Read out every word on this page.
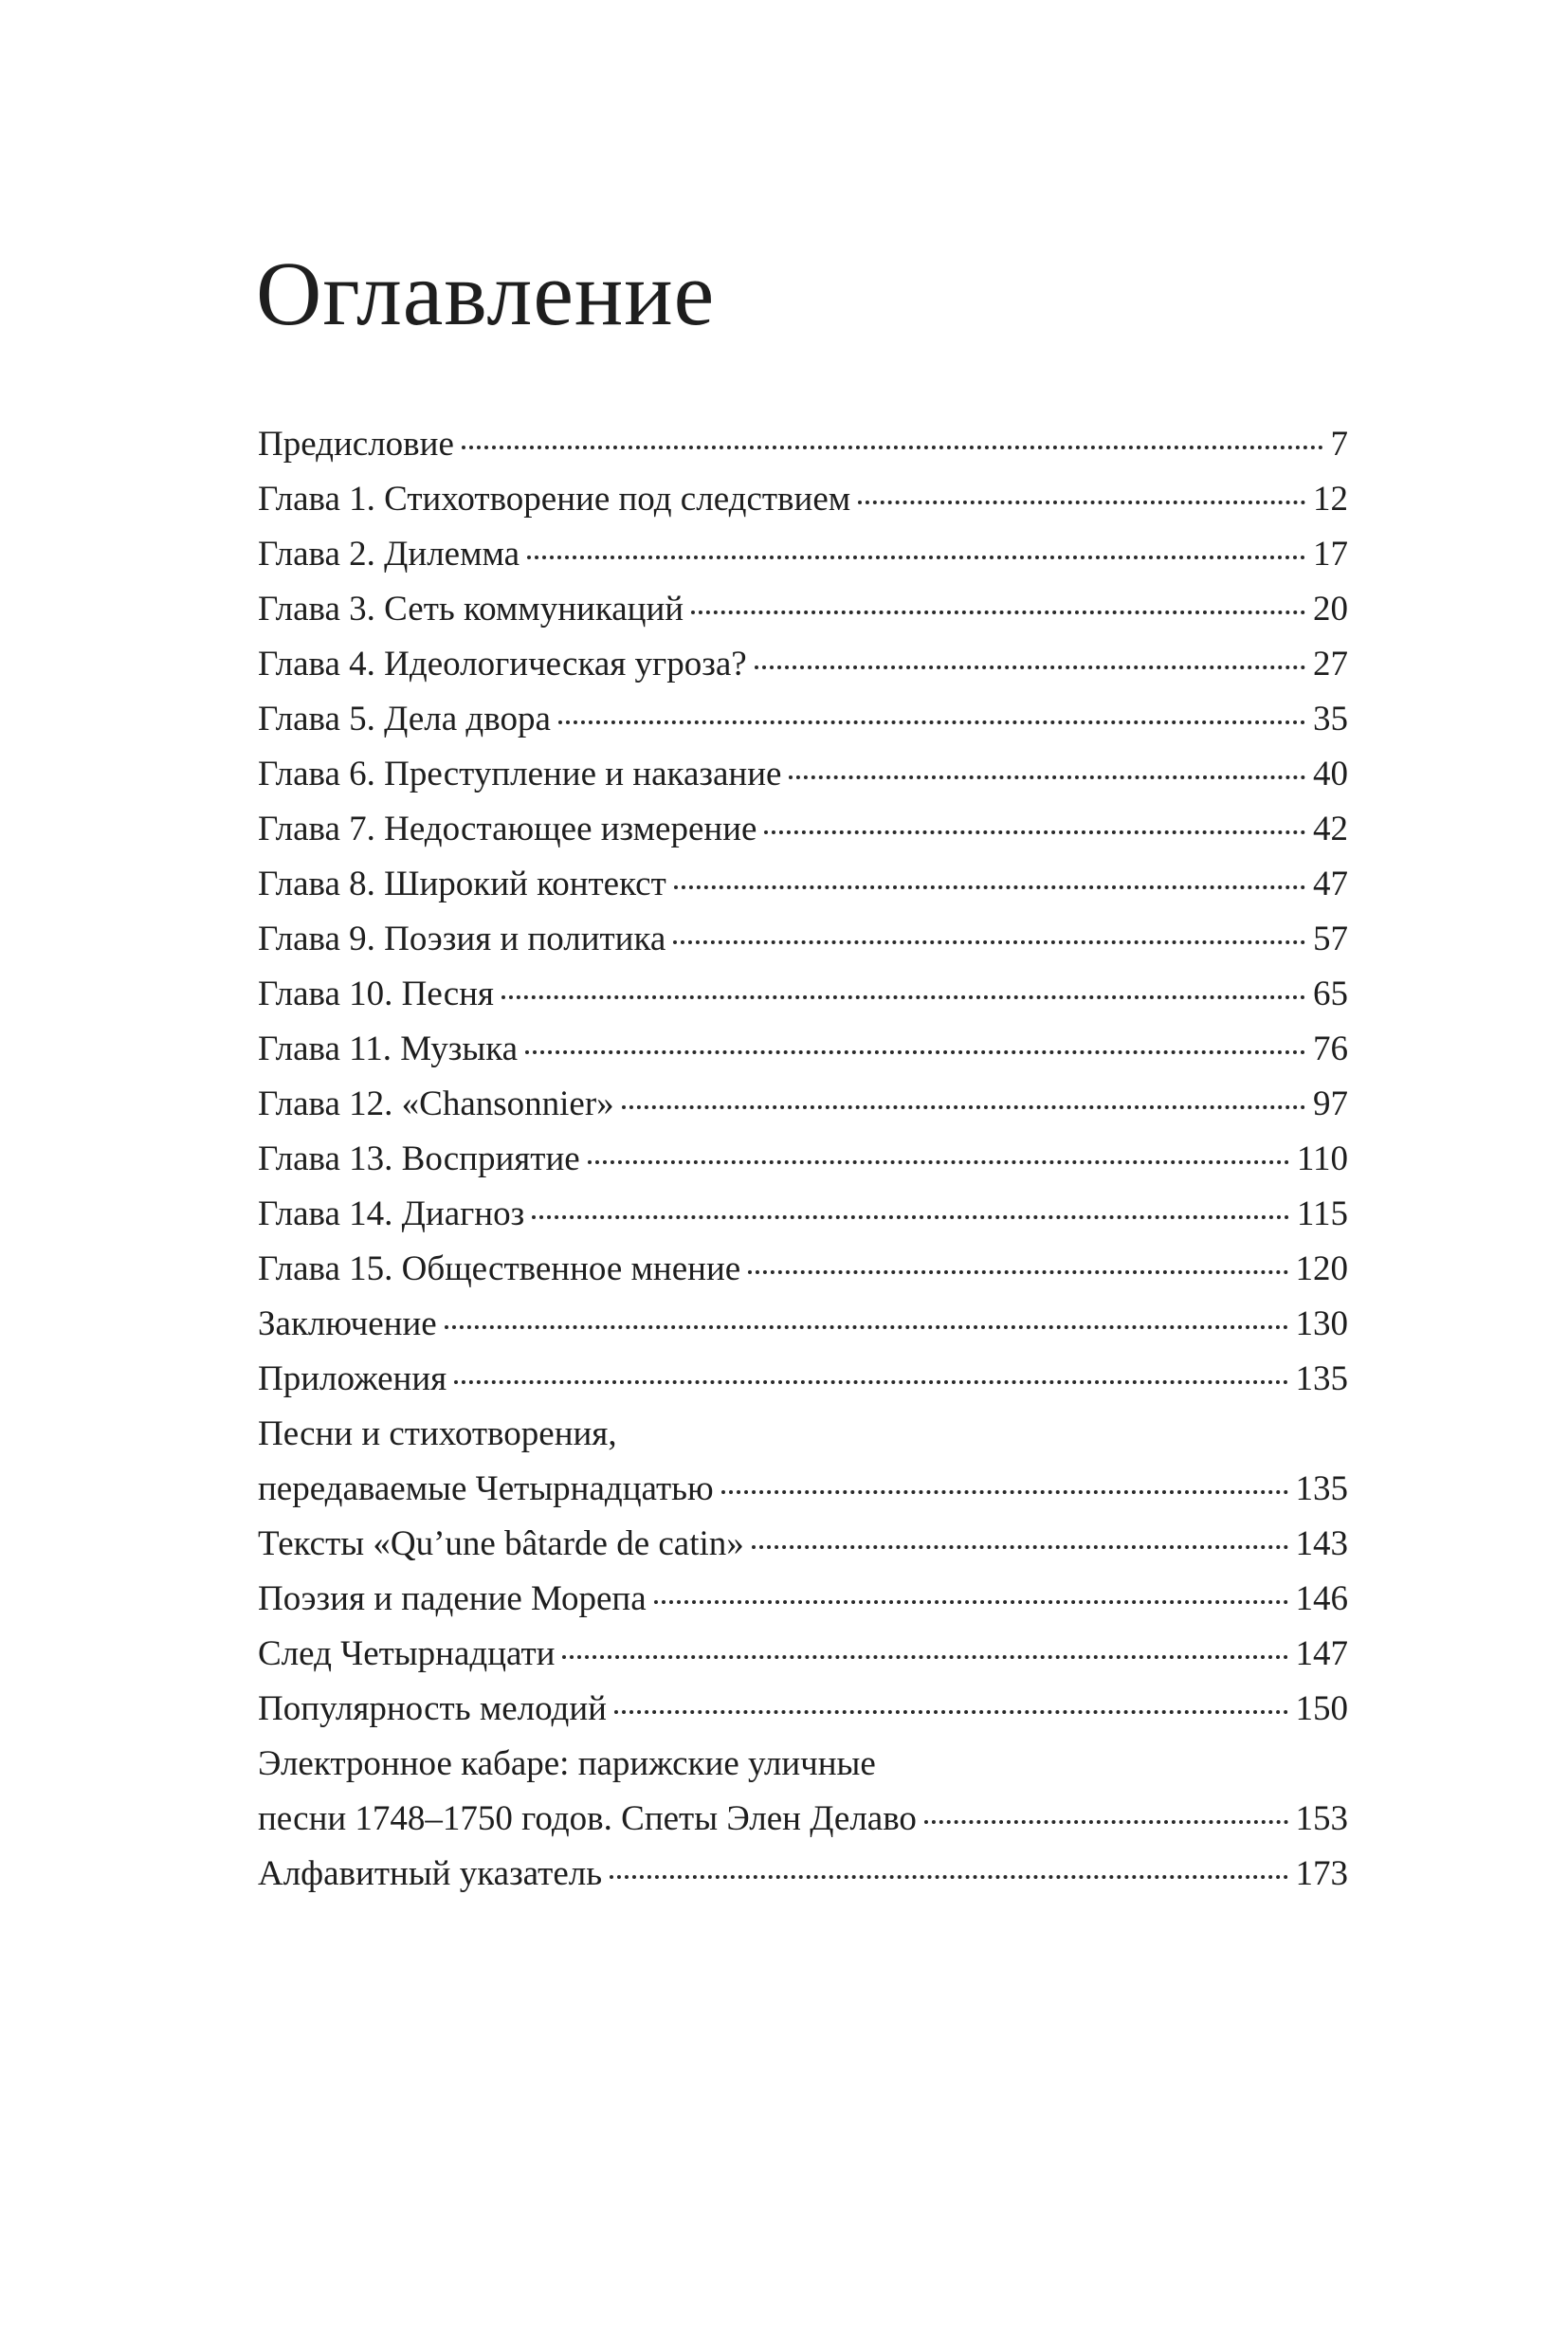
Оглавление
Предисловие	7
Глава 1. Стихотворение под следствием	12
Глава 2. Дилемма	17
Глава 3. Сеть коммуникаций	20
Глава 4. Идеологическая угроза?	27
Глава 5. Дела двора	35
Глава 6. Преступление и наказание	40
Глава 7. Недостающее измерение	42
Глава 8. Широкий контекст	47
Глава 9. Поэзия и политика	57
Глава 10. Песня	65
Глава 11. Музыка	76
Глава 12. «Chansonnier»	97
Глава 13. Восприятие	110
Глава 14. Диагноз	115
Глава 15. Общественное мнение	120
Заключение	130
Приложения	135
Песни и стихотворения,
передаваемые Четырнадцатью	135
Тексты «Qu’une bâtarde de catin»	143
Поэзия и падение Морепа	146
След Четырнадцати	147
Популярность мелодий	150
Электронное кабаре: парижские уличные
песни 1748–1750 годов. Спеты Элен Делаво	153
Алфавитный указатель	173
